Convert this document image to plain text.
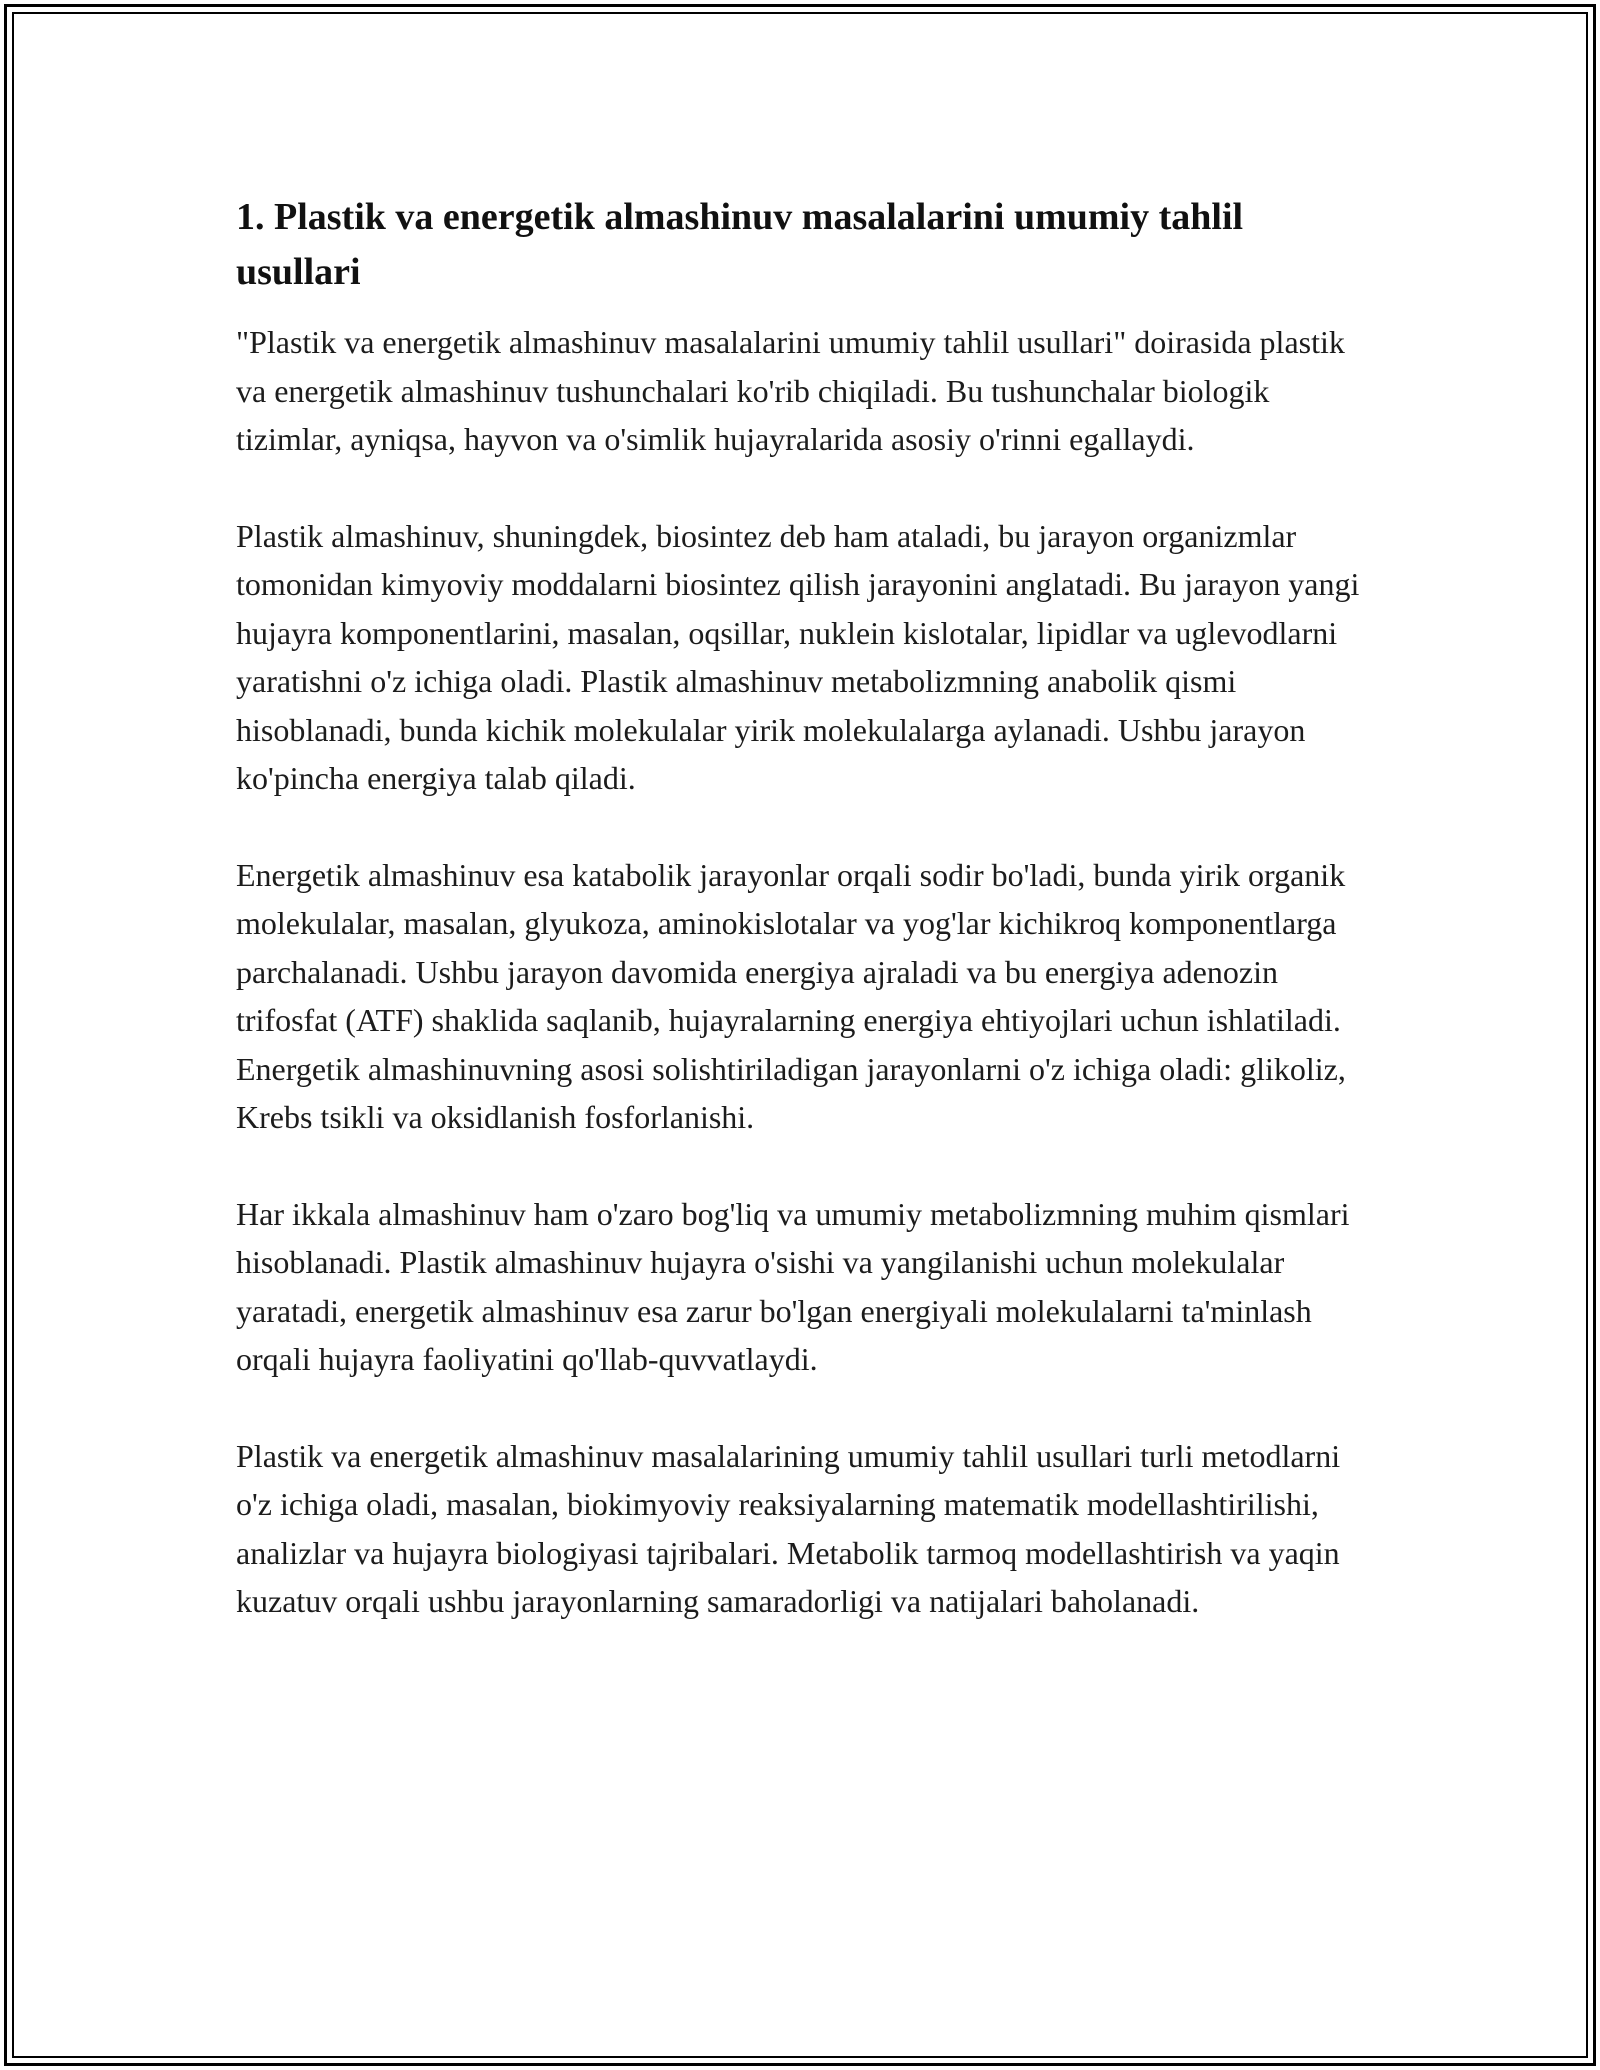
1. Plastik va energetik almashinuv masalalarini umumiy tahlil usullari

"Plastik va energetik almashinuv masalalarini umumiy tahlil usullari" doirasida plastik va energetik almashinuv tushunchalari ko'rib chiqiladi. Bu tushunchalar biologik tizimlar, ayniqsa, hayvon va o'simlik hujayralarida asosiy o'rinni egallaydi.

Plastik almashinuv, shuningdek, biosintez deb ham ataladi, bu jarayon organizmlar tomonidan kimyoviy moddalarni biosintez qilish jarayonini anglatadi. Bu jarayon yangi hujayra komponentlarini, masalan, oqsillar, nuklein kislotalar, lipidlar va uglevodlarni yaratishni o'z ichiga oladi. Plastik almashinuv metabolizmning anabolik qismi hisoblanadi, bunda kichik molekulalar yirik molekulalarga aylanadi. Ushbu jarayon ko'pincha energiya talab qiladi.

Energetik almashinuv esa katabolik jarayonlar orqali sodir bo'ladi, bunda yirik organik molekulalar, masalan, glyukoza, aminokislotalar va yog'lar kichikroq komponentlarga parchalanadi. Ushbu jarayon davomida energiya ajraladi va bu energiya adenozin trifosfat (ATF) shaklida saqlanib, hujayralarning energiya ehtiyojlari uchun ishlatiladi. Energetik almashinuvning asosi solishtiriladigan jarayonlarni o'z ichiga oladi: glikoliz, Krebs tsikli va oksidlanish fosforlanishi.

Har ikkala almashinuv ham o'zaro bog'liq va umumiy metabolizmning muhim qismlari hisoblanadi. Plastik almashinuv hujayra o'sishi va yangilanishi uchun molekulalar yaratadi, energetik almashinuv esa zarur bo'lgan energiyali molekulalarni ta'minlash orqali hujayra faoliyatini qo'llab-quvvatlaydi.

Plastik va energetik almashinuv masalalarining umumiy tahlil usullari turli metodlarni o'z ichiga oladi, masalan, biokimyoviy reaksiyalarning matematik modellashtirilishi, analizlar va hujayra biologiyasi tajribalari. Metabolik tarmoq modellashtirish va yaqin kuzatuv orqali ushbu jarayonlarning samaradorligi va natijalari baholanadi.
